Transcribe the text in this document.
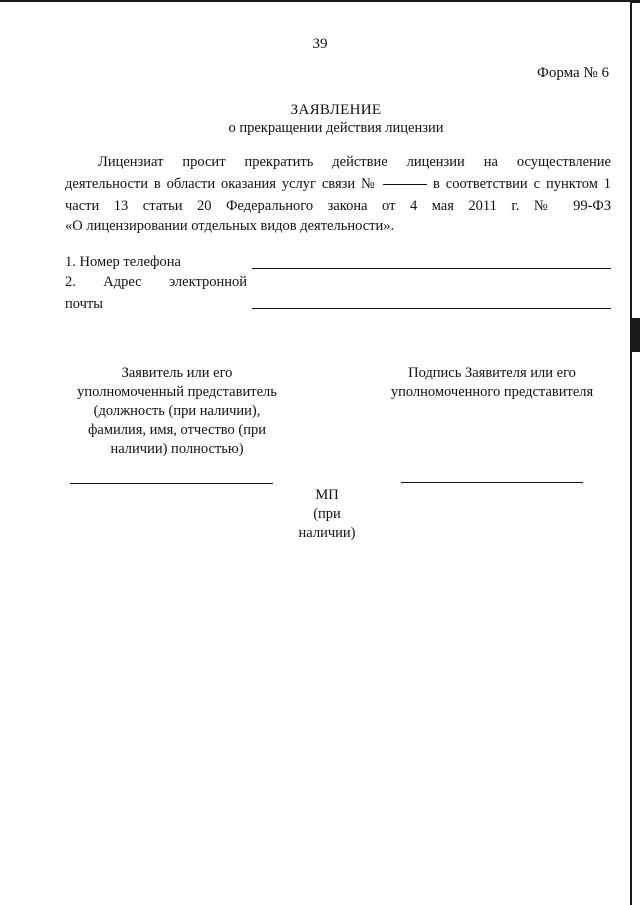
39
Форма № 6
ЗАЯВЛЕНИЕ
о прекращении действия лицензии
Лицензиат просит прекратить действие лицензии на осуществление
деятельности в области оказания услуг связи №	в соответствии с пунктом 1
части 13 статьи 20 Федерального закона от 4 мая 2011 г. № 99-ФЗ
«О лицензировании отдельных видов деятельности».
1. Номер телефона
2. Адрес электронной
почты
Заявитель или его
уполномоченный представитель
(должность (при наличии),
фамилия, имя, отчество (при
наличии) полностью)
Подпись Заявителя или его
уполномоченного представителя
МП
(при
наличии)
